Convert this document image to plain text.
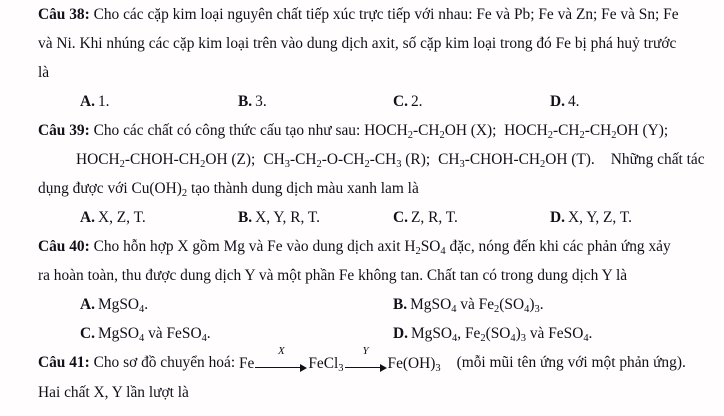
Câu 38: Cho các cặp kim loại nguyên chất tiếp xúc trực tiếp với nhau: Fe và Pb; Fe và Zn; Fe và Sn; Fe
và Ni. Khi nhúng các cặp kim loại trên vào dung dịch axit, số cặp kim loại trong đó Fe bị phá huỷ trước
là
A. 1.	B. 3.	C. 2.	D. 4.
Câu 39: Cho các chất có công thức cấu tạo như sau: $HOCH_2-CH_2OH$ (X); $HOCH_2-CH_2-CH_2OH$ (Y);
$HOCH_2-CHOH-CH_2OH$ (Z); $CH_3-CH_2-O-CH_2-CH_3$ (R); $CH_3-CHOH-CH_2OH$ (T). Những chất tác
dụng được với $Cu(OH)_2$ tạo thành dung dịch màu xanh lam là
A. X, Z, T.	B. X, Y, R, T.	C. Z, R, T.	D. X, Y, Z, T.
Câu 40: Cho hỗn hợp X gồm Mg và Fe vào dung dịch axit $H_2SO_4$ đặc, nóng đến khi các phản ứng xảy
ra hoàn toàn, thu được dung dịch Y và một phần Fe không tan. Chất tan có trong dung dịch Y là
A. MgSO$_4$.	B. MgSO$_4$ và $Fe_2(SO_4)_3$.
C. MgSO$_4$ và FeSO$_4$.	D. MgSO$_4$, $Fe_2(SO_4)_3$ và FeSO$_4$.
Câu 41: Cho sơ đồ chuyển hoá: Fe
X
FeCl$_3$
Y
$Fe(OH)_3$ (mỗi mũi tên ứng với một phản ứng).
Hai chất X, Y lần lượt là
